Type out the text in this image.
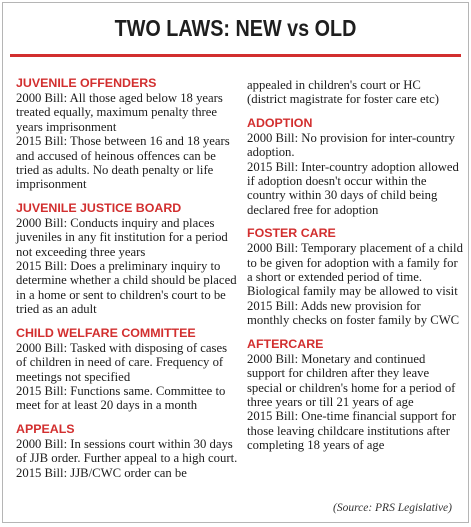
TWO LAWS: NEW vs OLD
JUVENILE OFFENDERS

2000 Bill: All those aged below 18 years treated equally, maximum penalty three years imprisonment

2015 Bill: Those between 16 and 18 years and accused of heinous offences can be tried as adults. No death penalty or life imprisonment

JUVENILE JUSTICE BOARD

2000 Bill: Conducts inquiry and places juveniles in any fit institution for a period not exceeding three years

2015 Bill: Does a preliminary inquiry to determine whether a child should be placed in a home or sent to children's court to be tried as an adult

CHILD WELFARE COMMITTEE

2000 Bill: Tasked with disposing of cases of children in need of care. Frequency of meetings not specified

2015 Bill: Functions same. Committee to meet for at least 20 days in a month

APPEALS

2000 Bill: In sessions court within 30 days of JJB order. Further appeal to a high court.

2015 Bill: JJB/CWC order can be

appealed in children's court or HC (district magistrate for foster care etc)

ADOPTION

2000 Bill: No provision for inter-country adoption.

2015 Bill: Inter-country adoption allowed if adoption doesn't occur within the country within 30 days of child being declared free for adoption

FOSTER CARE

2000 Bill: Temporary placement of a child to be given for adoption with a family for a short or extended period of time. Biological family may be allowed to visit

2015 Bill: Adds new provision for monthly checks on foster family by CWC

AFTERCARE

2000 Bill: Monetary and continued support for children after they leave special or children's home for a period of three years or till 21 years of age

2015 Bill: One-time financial support for those leaving childcare institutions after completing 18 years of age

(Source: PRS Legislative)
